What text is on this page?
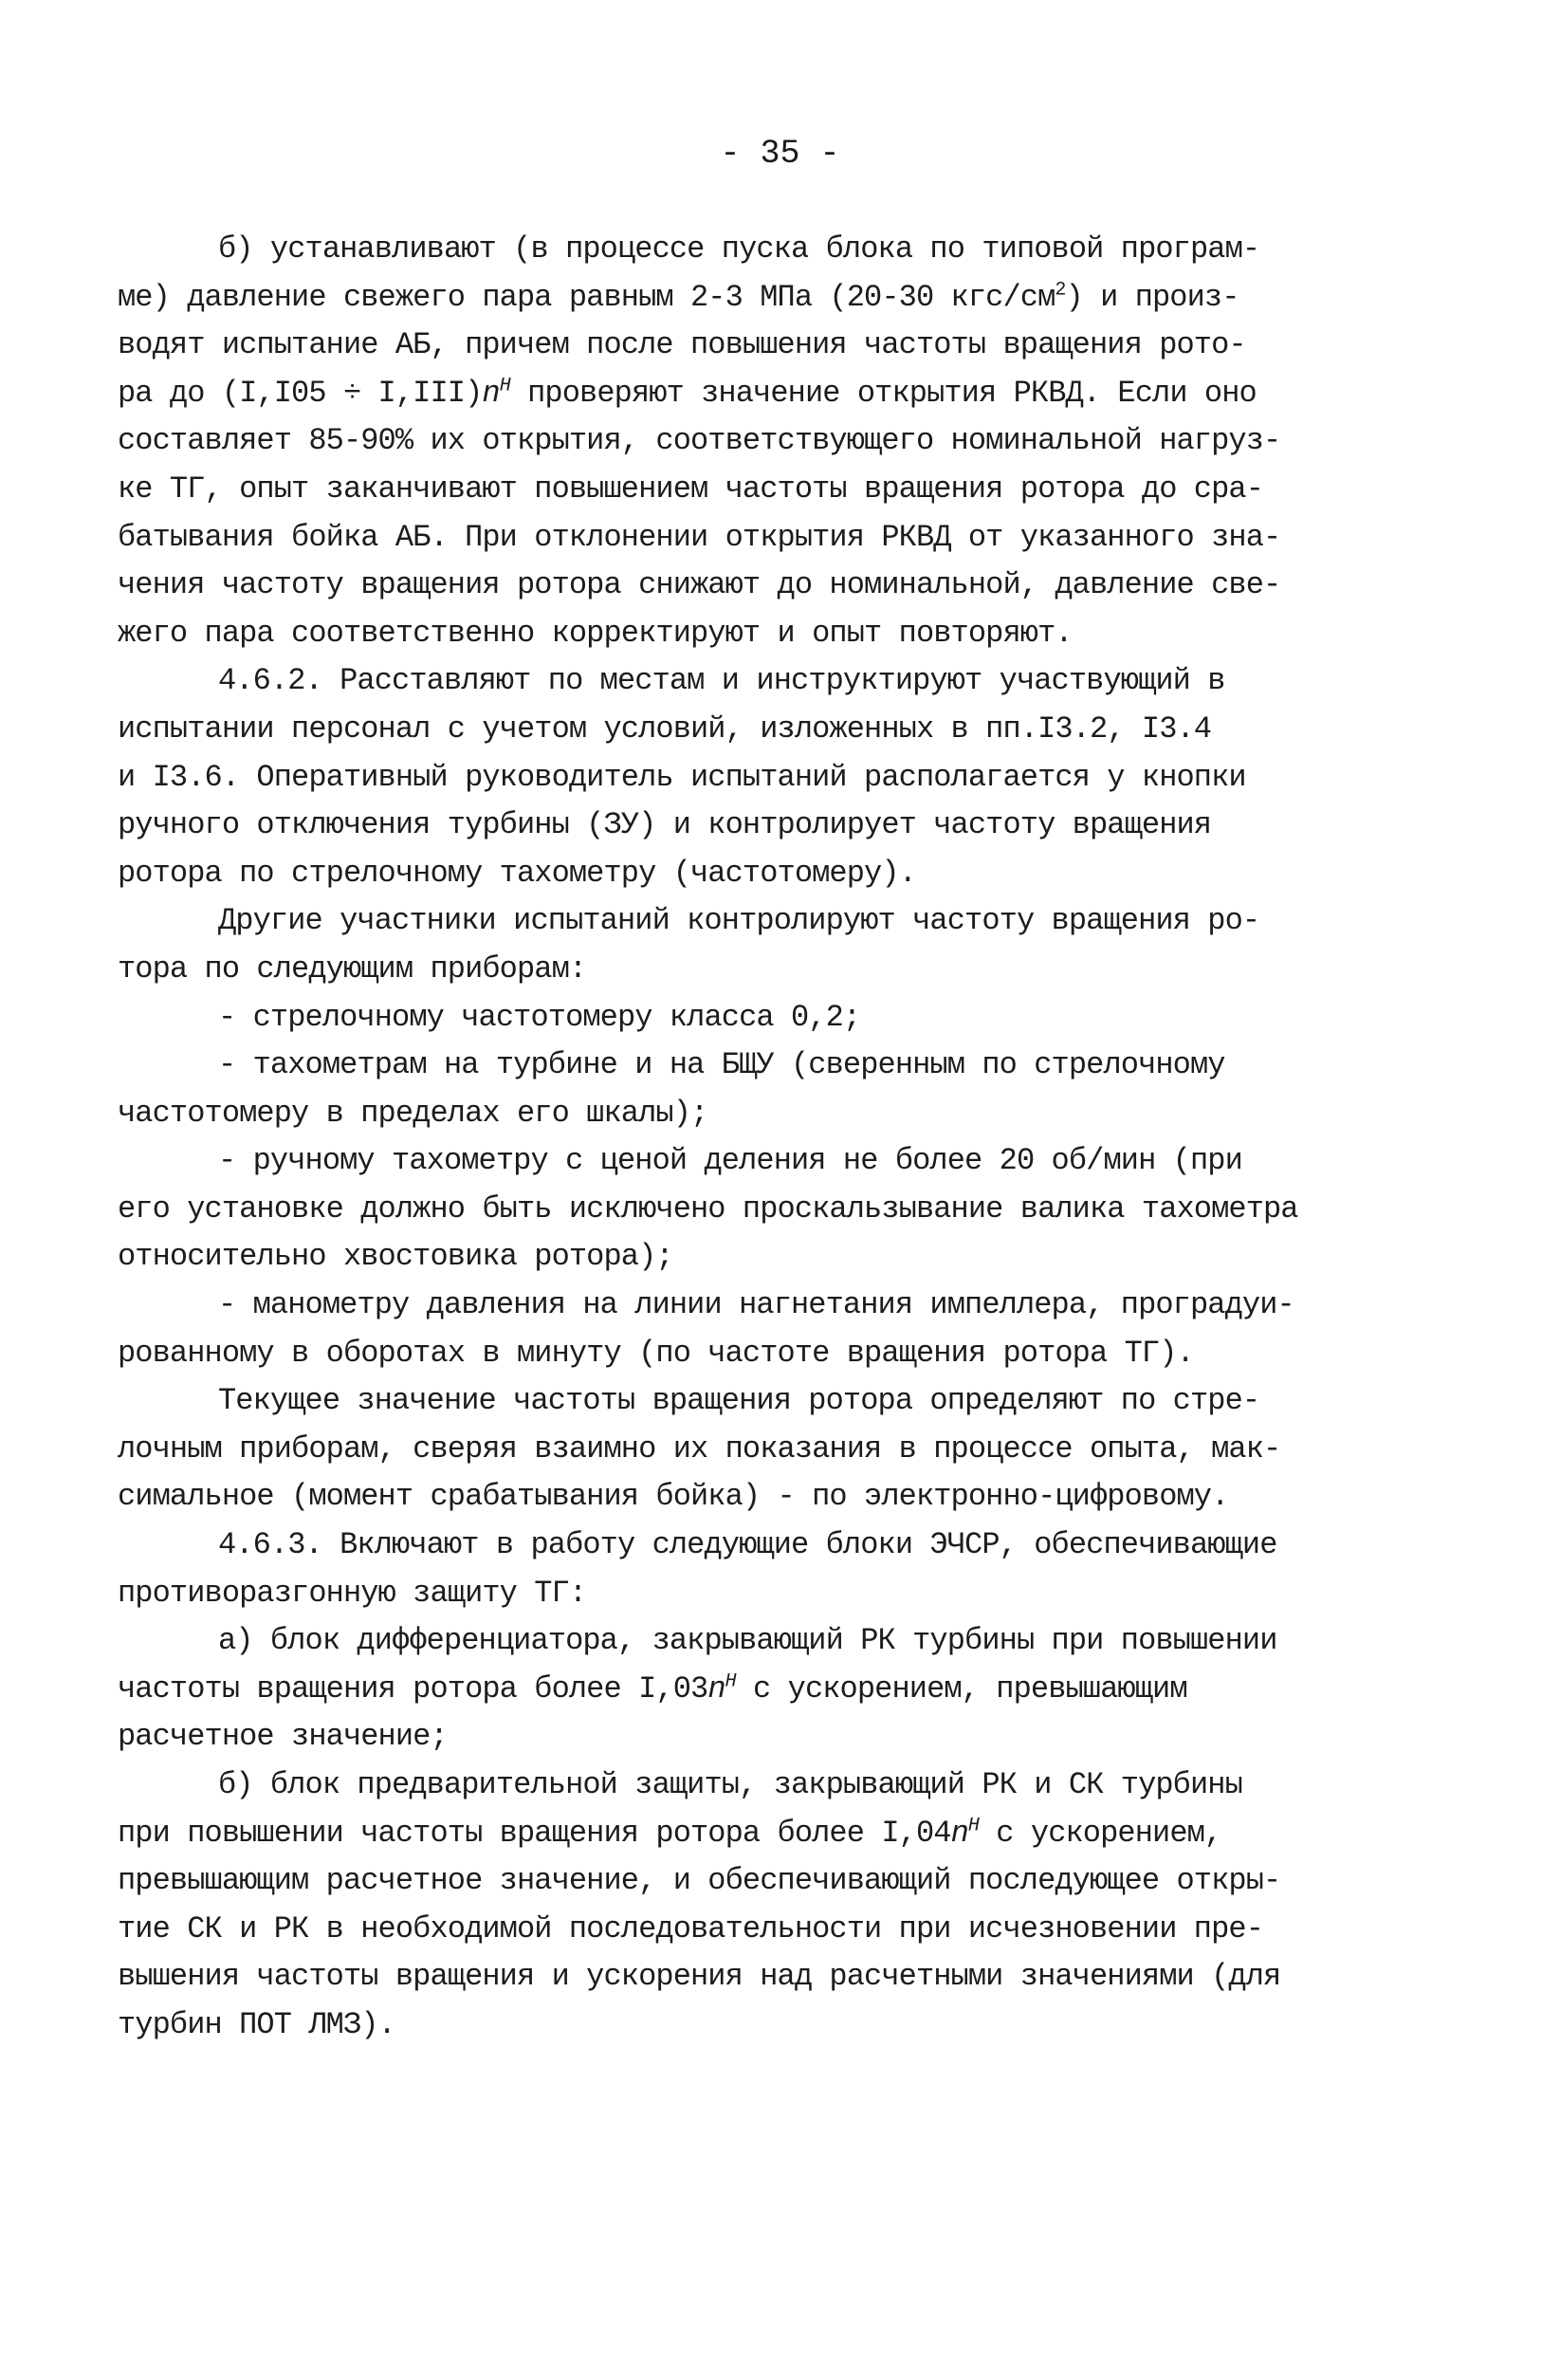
- 35 -
б) устанавливают (в процессе пуска блока по типовой програм-
ме) давление свежего пара равным 2-3 МПа (20-30 кгс/$см^2$) и произ-
водят испытание АБ, причем после повышения частоты вращения рото-
ра до $(I,I05 \div I,III)n^Н$ проверяют значение открытия РКВД. Если оно
составляет 85-90% их открытия, соответствующего номинальной нагруз-
ке ТГ, опыт заканчивают повышением частоты вращения ротора до сра-
батывания бойка АБ. При отклонении открытия РКВД от указанного зна-
чения частоту вращения ротора снижают до номинальной, давление све-
жего пара соответственно корректируют и опыт повторяют.
4.6.2. Расставляют по местам и инструктируют участвующий в
испытании персонал с учетом условий, изложенных в пп.I3.2, I3.4
и I3.6. Оперативный руководитель испытаний располагается у кнопки
ручного отключения турбины (ЗУ) и контролирует частоту вращения
ротора по стрелочному тахометру (частотомеру).
Другие участники испытаний контролируют частоту вращения ро-
тора по следующим приборам:
- стрелочному частотомеру класса 0,2;
- тахометрам на турбине и на БЩУ (сверенным по стрелочному
частотомеру в пределах его шкалы);
- ручному тахометру с ценой деления не более 20 об/мин (при
его установке должно быть исключено проскальзывание валика тахометра
относительно хвостовика ротора);
- манометру давления на линии нагнетания импеллера, проградуи-
рованному в оборотах в минуту (по частоте вращения ротора ТГ).
Текущее значение частоты вращения ротора определяют по стре-
лочным приборам, сверяя взаимно их показания в процессе опыта, мак-
симальное (момент срабатывания бойка) - по электронно-цифровому.
4.6.3. Включают в работу следующие блоки ЭЧСР, обеспечивающие
противоразгонную защиту ТГ:
а) блок дифференциатора, закрывающий РК турбины при повышении
частоты вращения ротора более $I,03n^Н$ с ускорением, превышающим
расчетное значение;
б) блок предварительной защиты, закрывающий РК и СК турбины
при повышении частоты вращения ротора более $I,04n^Н$ с ускорением,
превышающим расчетное значение, и обеспечивающий последующее откры-
тие СК и РК в необходимой последовательности при исчезновении пре-
вышения частоты вращения и ускорения над расчетными значениями (для
турбин ПОТ ЛМЗ).
